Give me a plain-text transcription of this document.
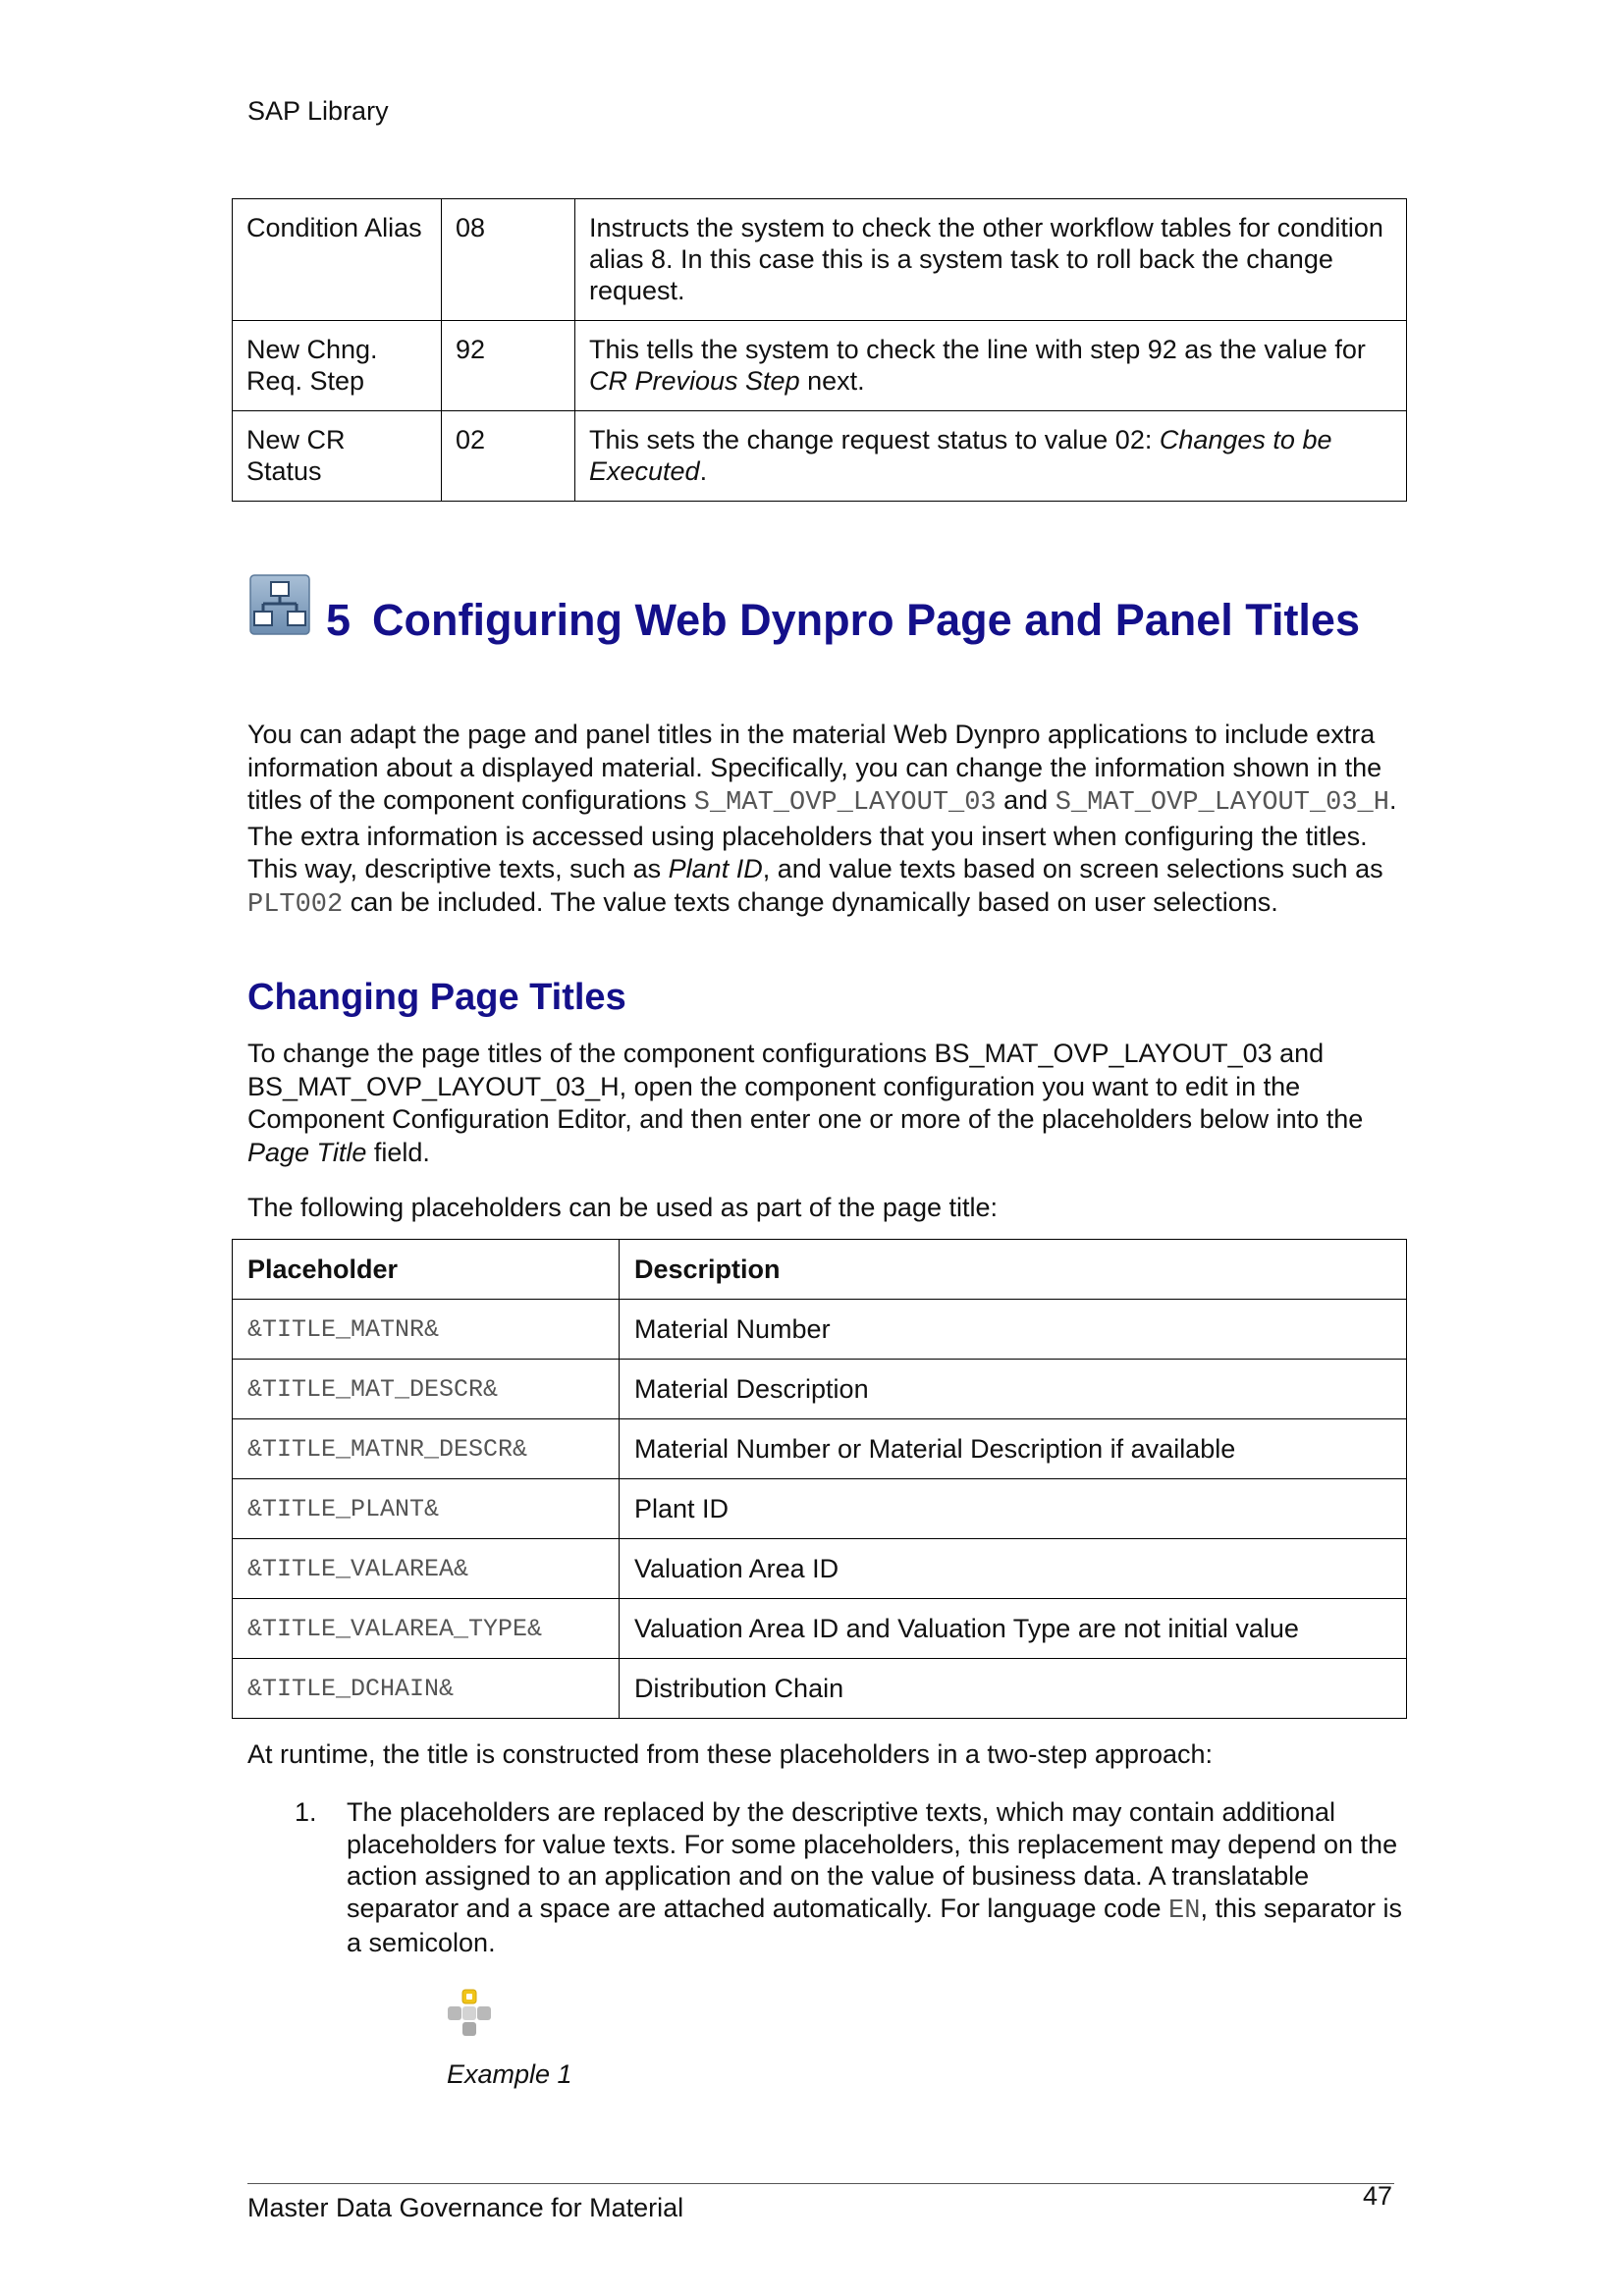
SAP Library
Condition Alias	08	Instructs the system to check the other workflow tables for condition alias 8. In this case this is a system task to roll back the change request.
New Chng. Req. Step	92	This tells the system to check the line with step 92 as the value for CR Previous Step next.
New CR Status	02	This sets the change request status to value 02: Changes to be Executed.
5 Configuring Web Dynpro Page and Panel Titles
You can adapt the page and panel titles in the material Web Dynpro applications to include extra information about a displayed material. Specifically, you can change the information shown in the titles of the component configurations S_MAT_OVP_LAYOUT_03 and S_MAT_OVP_LAYOUT_03_H. The extra information is accessed using placeholders that you insert when configuring the titles. This way, descriptive texts, such as Plant ID, and value texts based on screen selections such as PLT002 can be included. The value texts change dynamically based on user selections.
Changing Page Titles
To change the page titles of the component configurations BS_MAT_OVP_LAYOUT_03 and BS_MAT_OVP_LAYOUT_03_H, open the component configuration you want to edit in the Component Configuration Editor, and then enter one or more of the placeholders below into the Page Title field.
The following placeholders can be used as part of the page title:
Placeholder	Description
&TITLE_MATNR&	Material Number
&TITLE_MAT_DESCR&	Material Description
&TITLE_MATNR_DESCR&	Material Number or Material Description if available
&TITLE_PLANT&	Plant ID
&TITLE_VALAREA&	Valuation Area ID
&TITLE_VALAREA_TYPE&	Valuation Area ID and Valuation Type are not initial value
&TITLE_DCHAIN&	Distribution Chain
At runtime, the title is constructed from these placeholders in a two-step approach:
1. The placeholders are replaced by the descriptive texts, which may contain additional placeholders for value texts. For some placeholders, this replacement may depend on the action assigned to an application and on the value of business data. A translatable separator and a space are attached automatically. For language code EN, this separator is a semicolon.
Example 1
Master Data Governance for Material	47
